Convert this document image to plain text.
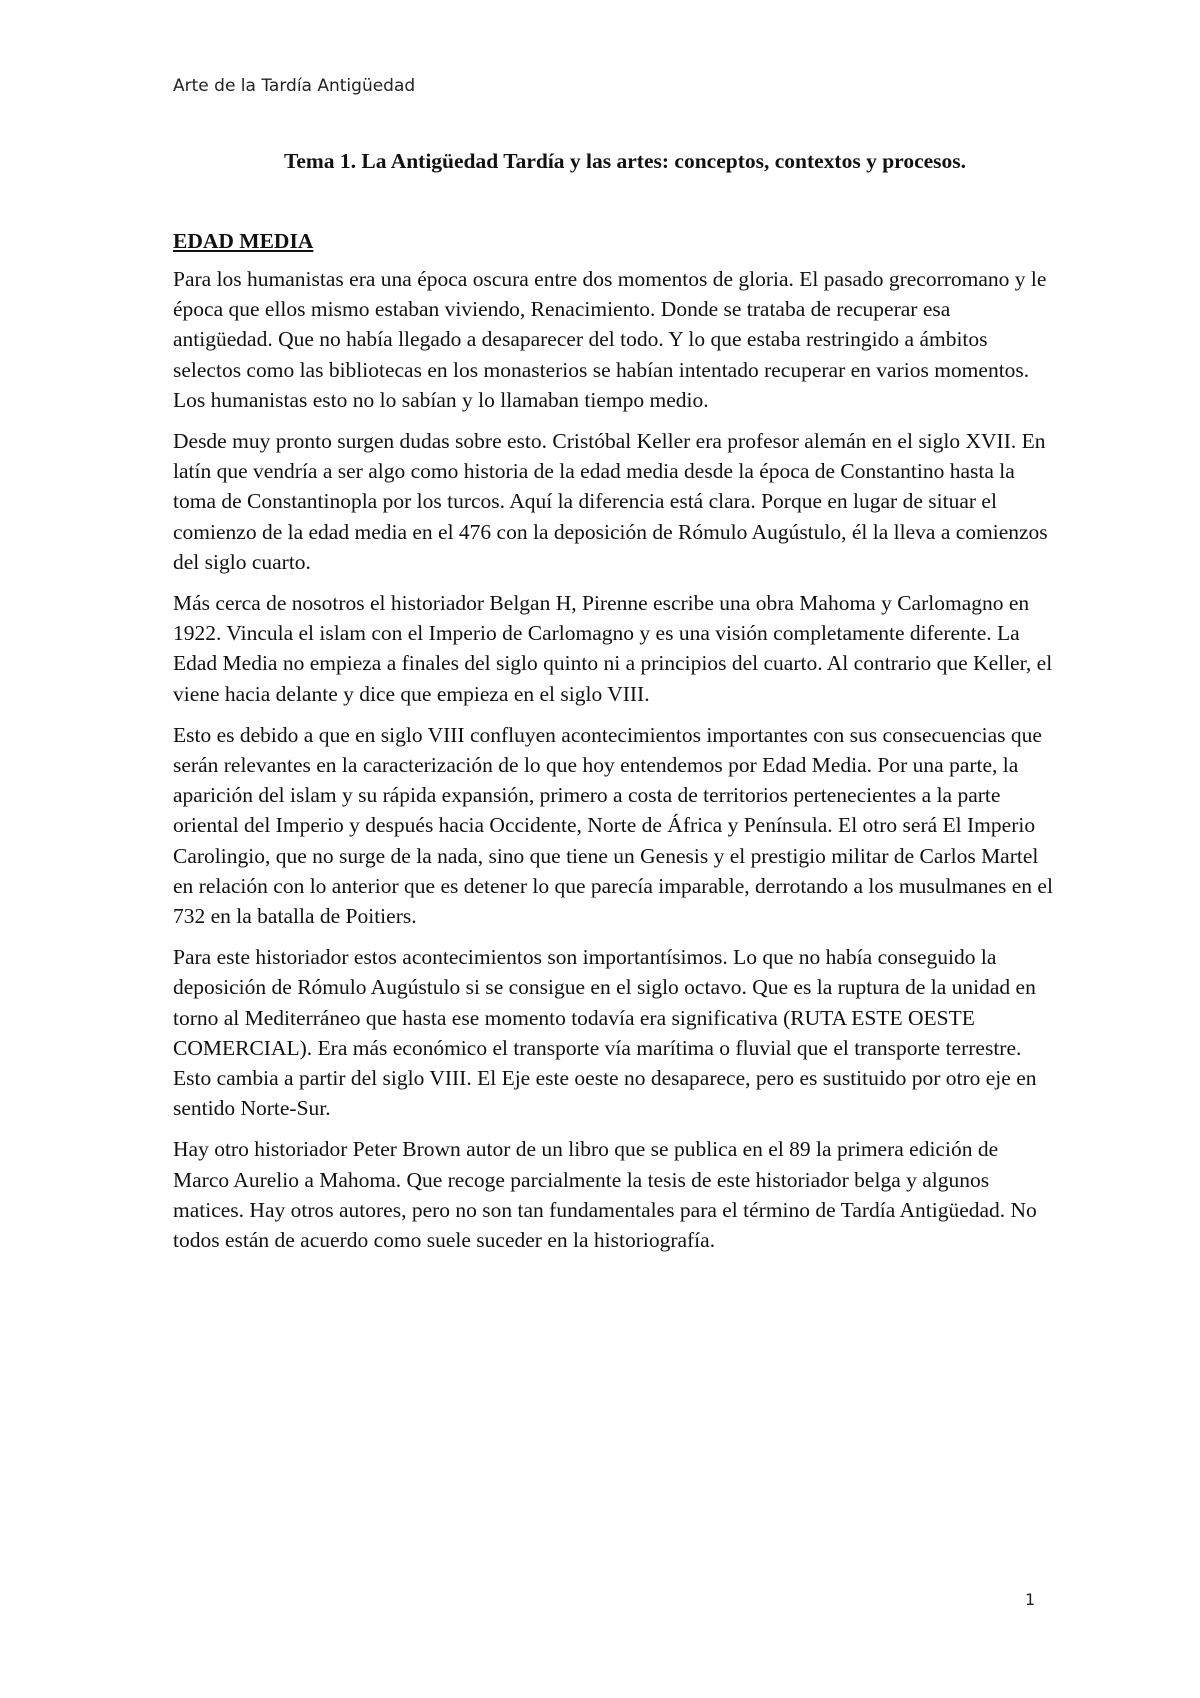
Arte de la Tardía Antigüedad

Tema 1. La Antigüedad Tardía y las artes: conceptos, contextos y procesos.

EDAD MEDIA

Para los humanistas era una época oscura entre dos momentos de gloria. El pasado grecorromano y le época que ellos mismo estaban viviendo, Renacimiento. Donde se trataba de recuperar esa antigüedad. Que no había llegado a desaparecer del todo. Y lo que estaba restringido a ámbitos selectos como las bibliotecas en los monasterios se habían intentado recuperar en varios momentos. Los humanistas esto no lo sabían y lo llamaban tiempo medio.

Desde muy pronto surgen dudas sobre esto. Cristóbal Keller era profesor alemán en el siglo XVII. En latín que vendría a ser algo como historia de la edad media desde la época de Constantino hasta la toma de Constantinopla por los turcos. Aquí la diferencia está clara. Porque en lugar de situar el comienzo de la edad media en el 476 con la deposición de Rómulo Augústulo, él la lleva a comienzos del siglo cuarto.

Más cerca de nosotros el historiador Belgan H, Pirenne escribe una obra Mahoma y Carlomagno en 1922. Vincula el islam con el Imperio de Carlomagno y es una visión completamente diferente. La Edad Media no empieza a finales del siglo quinto ni a principios del cuarto. Al contrario que Keller, el viene hacia delante y dice que empieza en el siglo VIII.

Esto es debido a que en siglo VIII confluyen acontecimientos importantes con sus consecuencias que serán relevantes en la caracterización de lo que hoy entendemos por Edad Media. Por una parte, la aparición del islam y su rápida expansión, primero a costa de territorios pertenecientes a la parte oriental del Imperio y después hacia Occidente, Norte de África y Península. El otro será El Imperio Carolingio, que no surge de la nada, sino que tiene un Genesis y el prestigio militar de Carlos Martel en relación con lo anterior que es detener lo que parecía imparable, derrotando a los musulmanes en el 732 en la batalla de Poitiers.

Para este historiador estos acontecimientos son importantísimos. Lo que no había conseguido la deposición de Rómulo Augústulo si se consigue en el siglo octavo. Que es la ruptura de la unidad en torno al Mediterráneo que hasta ese momento todavía era significativa (RUTA ESTE OESTE COMERCIAL). Era más económico el transporte vía marítima o fluvial que el transporte terrestre. Esto cambia a partir del siglo VIII. El Eje este oeste no desaparece, pero es sustituido por otro eje en sentido Norte-Sur.

Hay otro historiador Peter Brown autor de un libro que se publica en el 89 la primera edición de Marco Aurelio a Mahoma. Que recoge parcialmente la tesis de este historiador belga y algunos matices. Hay otros autores, pero no son tan fundamentales para el término de Tardía Antigüedad. No todos están de acuerdo como suele suceder en la historiografía.

1
